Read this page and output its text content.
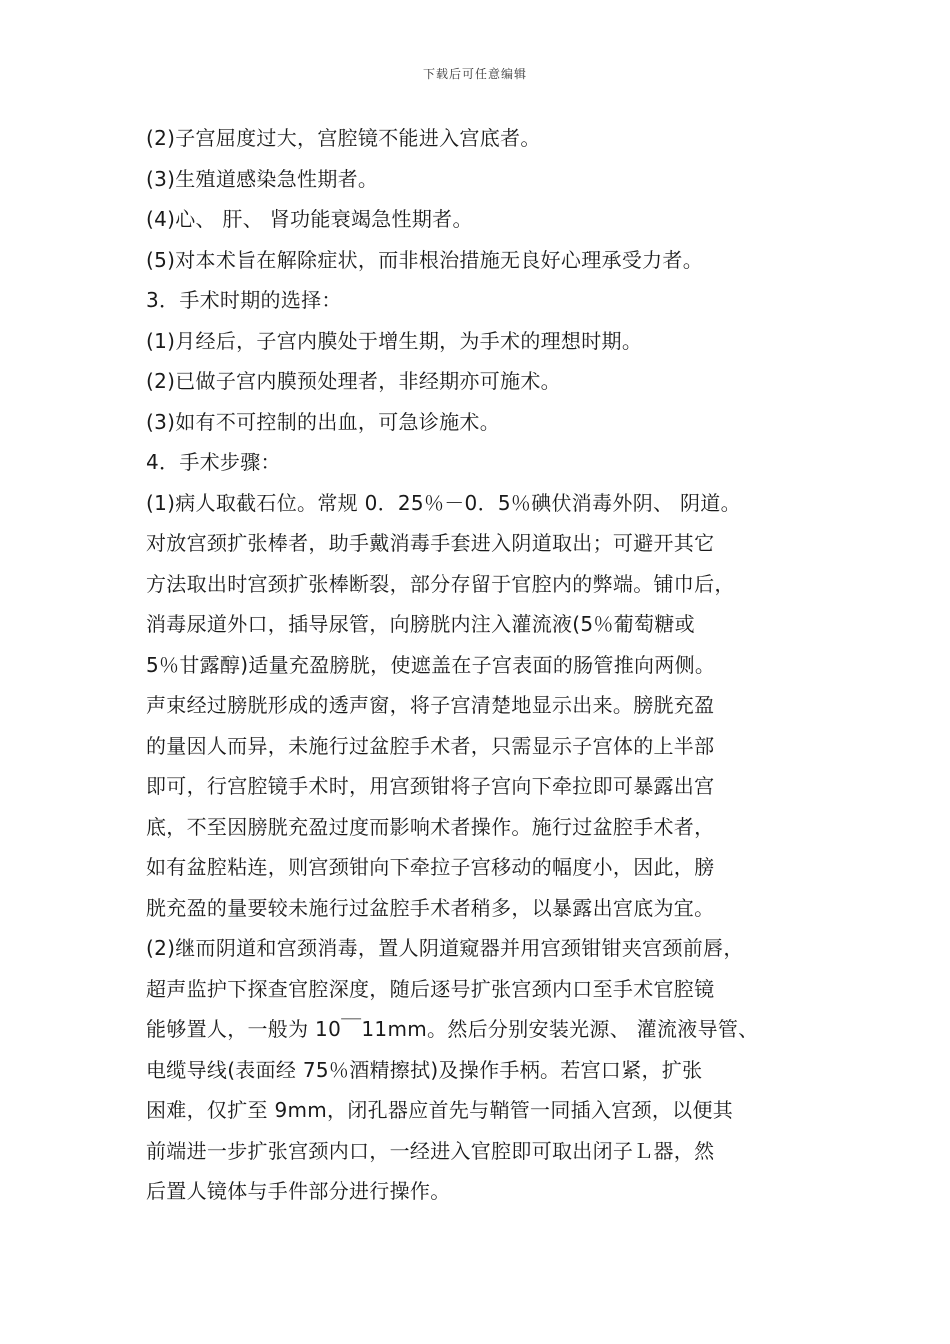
下载后可任意编辑
(2)子宫屈度过大，宫腔镜不能进入宫底者。
(3)生殖道感染急性期者。
(4)心、 肝、 肾功能衰竭急性期者。
(5)对本术旨在解除症状，而非根治措施无良好心理承受力者。
3．手术时期的选择：
(1)月经后，子宫内膜处于增生期，为手术的理想时期。
(2)已做子宫内膜预处理者，非经期亦可施术。
(3)如有不可控制的出血，可急诊施术。
4．手术步骤：
(1)病人取截石位。常规 0．25％－0．5％碘伏消毒外阴、 阴道。
对放宫颈扩张棒者，助手戴消毒手套进入阴道取出；可避开其它
方法取出时宫颈扩张棒断裂，部分存留于官腔内的弊端。铺巾后，
消毒尿道外口，插导尿管，向膀胱内注入灌流液(5％葡萄糖或
5％甘露醇)适量充盈膀胱，使遮盖在子宫表面的肠管推向两侧。
声束经过膀胱形成的透声窗，将子宫清楚地显示出来。膀胱充盈
的量因人而异，未施行过盆腔手术者，只需显示子宫体的上半部
即可，行宫腔镜手术时，用宫颈钳将子宫向下牵拉即可暴露出宫
底，不至因膀胱充盈过度而影响术者操作。施行过盆腔手术者，
如有盆腔粘连，则宫颈钳向下牵拉子宫移动的幅度小，因此，膀
胱充盈的量要较未施行过盆腔手术者稍多，以暴露出宫底为宜。
(2)继而阴道和宫颈消毒，置人阴道窥器并用宫颈钳钳夹宫颈前唇，
超声监护下探查官腔深度，随后逐号扩张宫颈内口至手术官腔镜
能够置人，一般为 10￣11mm。然后分别安装光源、 灌流液导管、
电缆导线(表面经 75％酒精擦拭)及操作手柄。若宫口紧，扩张
困难，仅扩至 9mm，闭孔器应首先与鞘管一同插入宫颈，以便其
前端进一步扩张宫颈内口，一经进入官腔即可取出闭子Ｌ器，然
后置人镜体与手件部分进行操作。
